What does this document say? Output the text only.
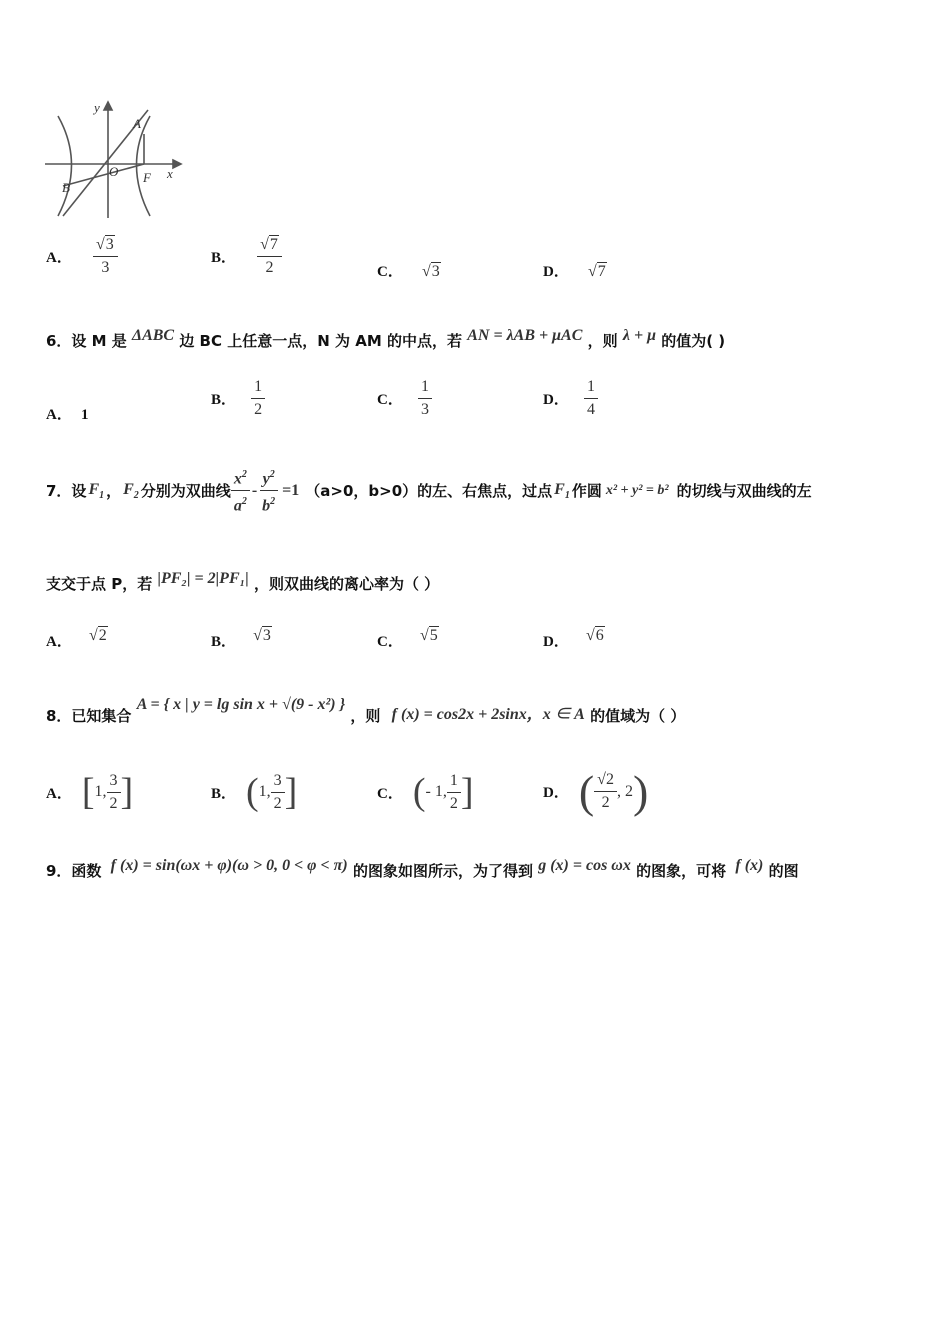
y
A
O F x
B
A． $\frac{√3}{3}$	B． $\frac{√7}{2}$	C． √3	D． √7
6．设 M 是 ΔABC 边 BC 上任意一点，N 为 AM 的中点，若 AN = λAB + μAC ，则 λ + μ 的值为( )
A． 1
B． $\frac{1}{2}$	C． $\frac{1}{3}$	D． $\frac{1}{4}$
7．设 $F_1$ ， $F_2$ 分别为双曲线 $\frac{x^2}{a^2} - \frac{y^2}{b^2} =1$ （a>0，b>0）的左、右焦点，过点 $F_1$ 作圆 x² + y² = b² 的切线与双曲线的左
支交于点 P，若 |PF₂| = 2|PF₁| ，则双曲线的离心率为（ ）
A． √2	B． √3	C． √5	D． √6
8．已知集合 A = { x | y = lg sin x + √(9 - x²) } ，则 f (x) = cos2x + 2sinx，x ∈ A 的值域为（ ）
A． [ 1, $\frac{3}{2}$ ]	B． ( 1, $\frac{3}{2}$ ]	C． ( - 1, $\frac{1}{2}$ ]	D． ( $\frac{√2}{2}$ , 2 )
9．函数 f (x) = sin(ωx + φ)(ω > 0, 0 < φ < π) 的图象如图所示，为了得到 g (x) = cos ωx 的图象，可将 f (x) 的图
